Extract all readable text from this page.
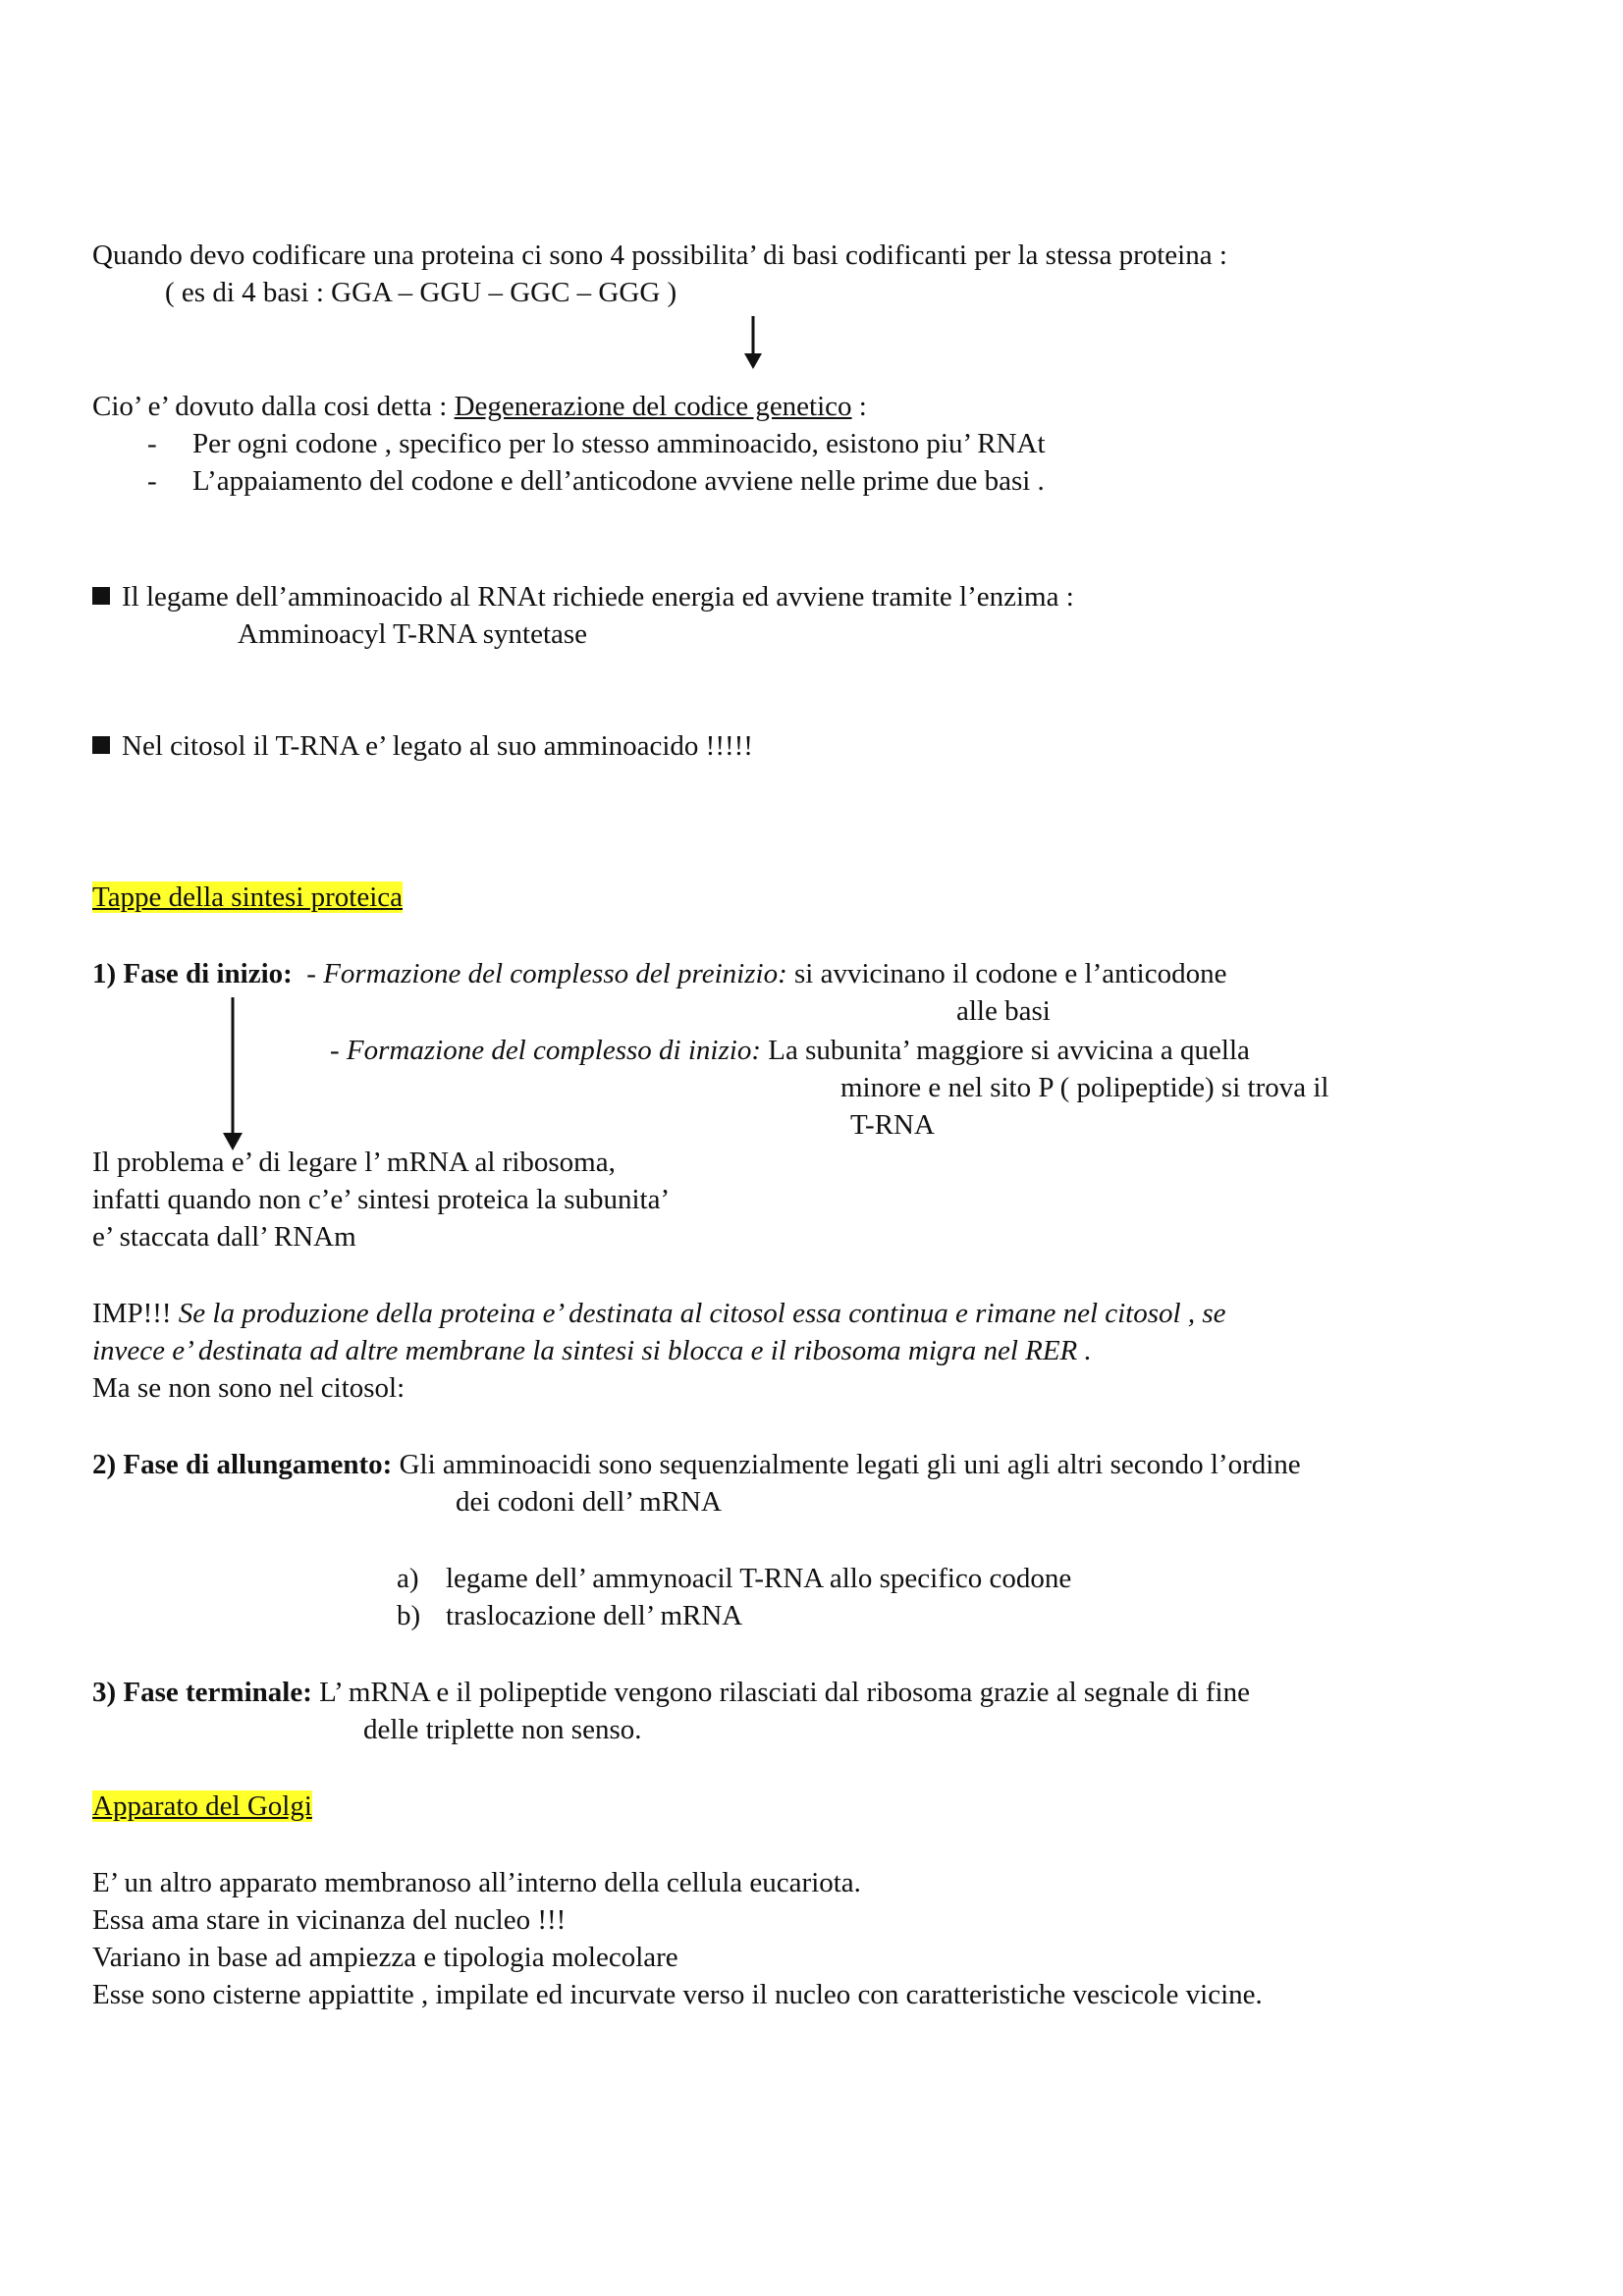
Quando devo codificare una proteina ci sono 4 possibilita’ di basi codificanti per la stessa proteina :
( es di 4 basi : GGA – GGU – GGC – GGG )
Cio’ e’ dovuto dalla cosi detta : Degenerazione del codice genetico :
- Per ogni codone , specifico per lo stesso amminoacido, esistono piu’ RNAt
- L’appaiamento del codone e dell’anticodone avviene nelle prime due basi .
Il legame dell’amminoacido al RNAt richiede energia ed avviene tramite l’enzima :
Amminoacyl T-RNA syntetase
Nel citosol il T-RNA e’ legato al suo amminoacido !!!!!
Tappe della sintesi proteica
1) Fase di inizio: - Formazione del complesso del preinizio: si avvicinano il codone e l’anticodone
alle basi
- Formazione del complesso di inizio: La subunita’ maggiore si avvicina a quella
minore e nel sito P ( polipeptide) si trova il
T-RNA
Il problema e’ di legare l’ mRNA al ribosoma,
infatti quando non c’e’ sintesi proteica la subunita’
e’ staccata dall’ RNAm
IMP!!! Se la produzione della proteina e’ destinata al citosol essa continua e rimane nel citosol , se
invece e’ destinata ad altre membrane la sintesi si blocca e il ribosoma migra nel RER .
Ma se non sono nel citosol:
2) Fase di allungamento: Gli amminoacidi sono sequenzialmente legati gli uni agli altri secondo l’ordine
dei codoni dell’ mRNA
a) legame dell’ ammynoacil T-RNA allo specifico codone
b) traslocazione dell’ mRNA
3) Fase terminale: L’ mRNA e il polipeptide vengono rilasciati dal ribosoma grazie al segnale di fine
delle triplette non senso.
Apparato del Golgi
E’ un altro apparato membranoso all’interno della cellula eucariota.
Essa ama stare in vicinanza del nucleo !!!
Variano in base ad ampiezza e tipologia molecolare
Esse sono cisterne appiattite , impilate ed incurvate verso il nucleo con caratteristiche vescicole vicine.
